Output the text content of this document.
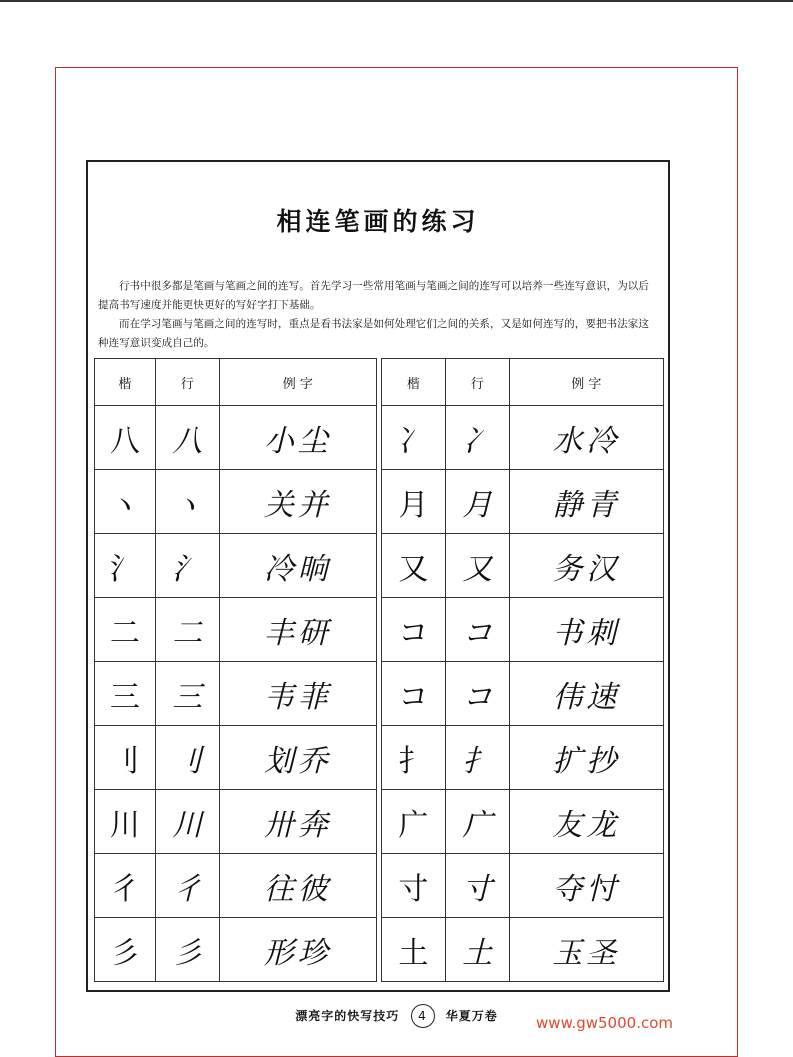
相连笔画的练习

行书中很多都是笔画与笔画之间的连写。首先学习一些常用笔画与笔画之间的连写可以培养一些连写意识，为以后提高书写速度并能更快更好的写好字打下基础。

而在学习笔画与笔画之间的连写时，重点是看书法家是如何处理它们之间的关系，又是如何连写的，要把书法家这种连写意识变成自己的。

楷	行	例 字
八	八	小尘
ヽ	ヽ	关并
氵	氵	冷晌
二	二	丰研
三	三	韦菲
刂	刂	划乔
川	川	卅奔
彳	彳	往彼
彡	彡	形珍
楷	行	例 字
冫	冫	水冷
月	月	静青
又	又	务汉
コ	コ	书刺
コ	コ	伟速
扌	扌	扩抄
广	广	友龙
寸	寸	夺忖
土	土	玉圣
漂亮字的快写技巧 4 华夏万卷	www.gw5000.com
